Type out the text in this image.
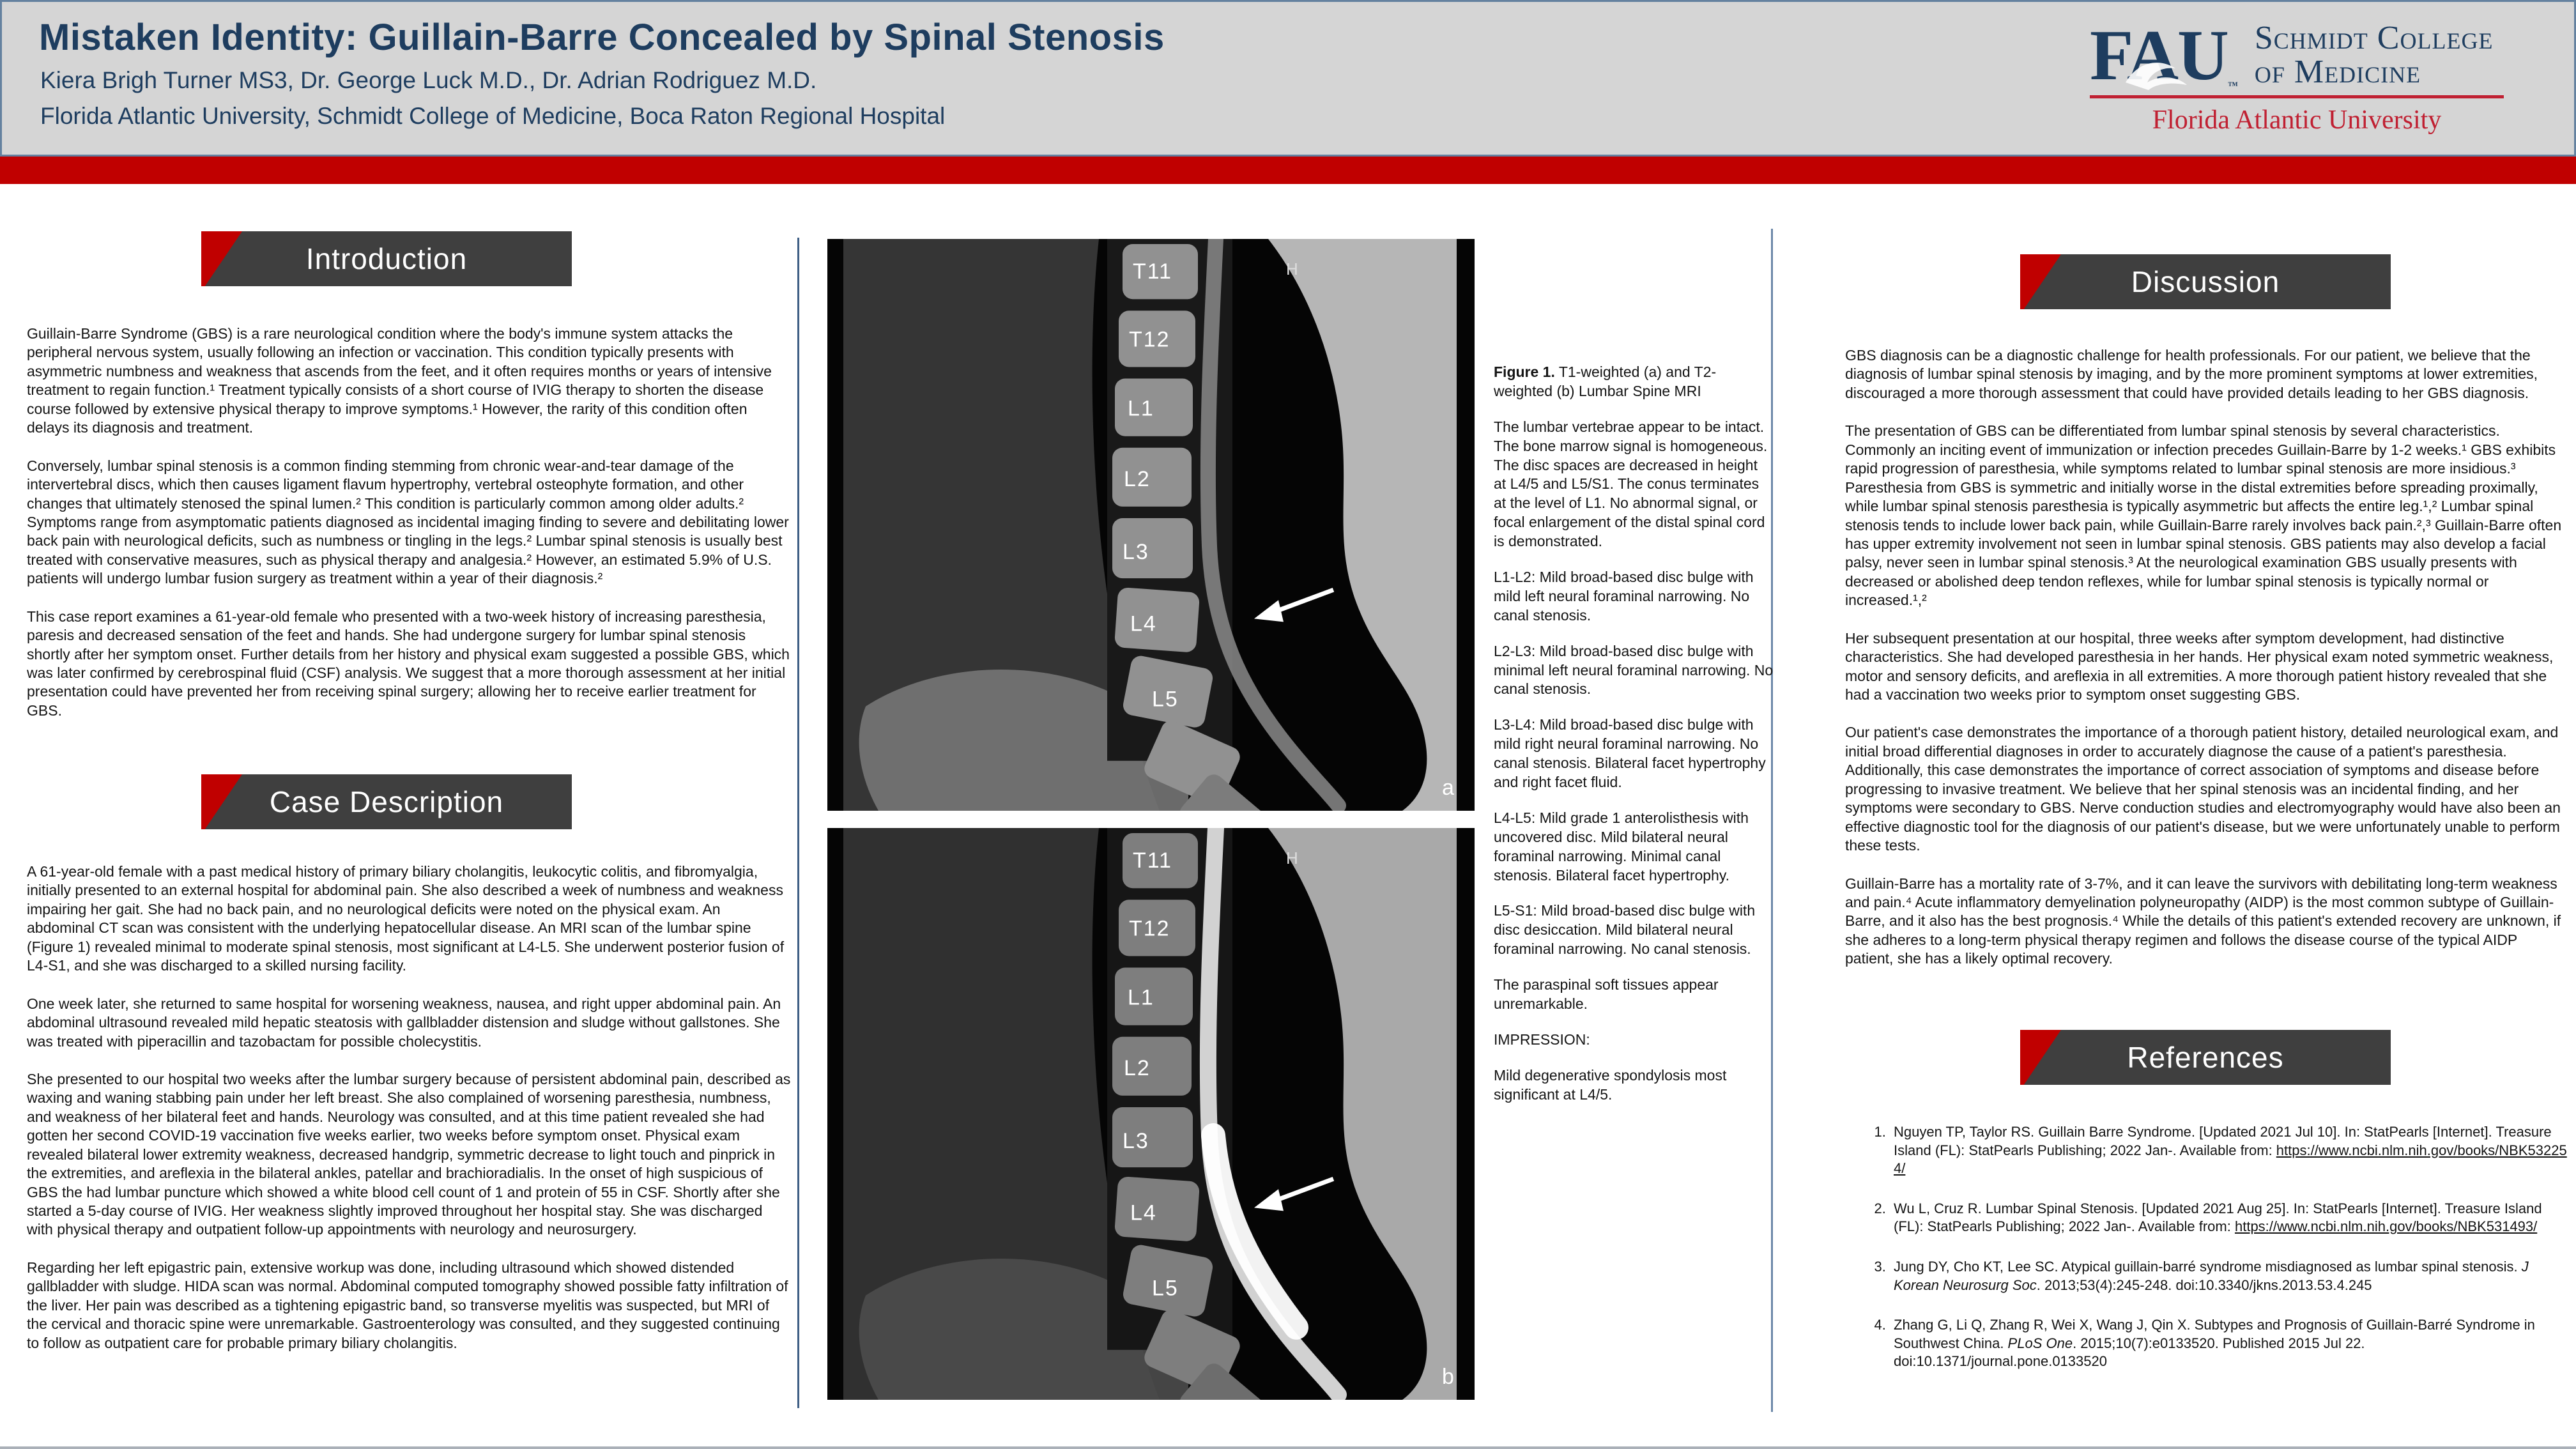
Mistaken Identity: Guillain-Barre Concealed by Spinal Stenosis
Kiera Brigh Turner MS3, Dr. George Luck M.D., Dr. Adrian Rodriguez M.D.
Florida Atlantic University, Schmidt College of Medicine, Boca Raton Regional Hospital
FAU™
Schmidt College
of Medicine
Florida Atlantic University
Introduction

Guillain-Barre Syndrome (GBS) is a rare neurological condition where the body's immune system attacks the peripheral nervous system, usually following an infection or vaccination. This condition typically presents with asymmetric numbness and weakness that ascends from the feet, and it often requires months or years of intensive treatment to regain function.¹ Treatment typically consists of a short course of IVIG therapy to shorten the disease course followed by extensive physical therapy to improve symptoms.¹ However, the rarity of this condition often delays its diagnosis and treatment.

Conversely, lumbar spinal stenosis is a common finding stemming from chronic wear-and-tear damage of the intervertebral discs, which then causes ligament flavum hypertrophy, vertebral osteophyte formation, and other changes that ultimately stenosed the spinal lumen.² This condition is particularly common among older adults.² Symptoms range from asymptomatic patients diagnosed as incidental imaging finding to severe and debilitating lower back pain with neurological deficits, such as numbness or tingling in the legs.² Lumbar spinal stenosis is usually best treated with conservative measures, such as physical therapy and analgesia.² However, an estimated 5.9% of U.S. patients will undergo lumbar fusion surgery as treatment within a year of their diagnosis.²

This case report examines a 61-year-old female who presented with a two-week history of increasing paresthesia, paresis and decreased sensation of the feet and hands. She had undergone surgery for lumbar spinal stenosis shortly after her symptom onset. Further details from her history and physical exam suggested a possible GBS, which was later confirmed by cerebrospinal fluid (CSF) analysis. We suggest that a more thorough assessment at her initial presentation could have prevented her from receiving spinal surgery; allowing her to receive earlier treatment for GBS.

Case Description

A 61-year-old female with a past medical history of primary biliary cholangitis, leukocytic colitis, and fibromyalgia, initially presented to an external hospital for abdominal pain. She also described a week of numbness and weakness impairing her gait. She had no back pain, and no neurological deficits were noted on the physical exam. An abdominal CT scan was consistent with the underlying hepatocellular disease. An MRI scan of the lumbar spine (Figure 1) revealed minimal to moderate spinal stenosis, most significant at L4-L5. She underwent posterior fusion of L4-S1, and she was discharged to a skilled nursing facility.

One week later, she returned to same hospital for worsening weakness, nausea, and right upper abdominal pain. An abdominal ultrasound revealed mild hepatic steatosis with gallbladder distension and sludge without gallstones. She was treated with piperacillin and tazobactam for possible cholecystitis.

She presented to our hospital two weeks after the lumbar surgery because of persistent abdominal pain, described as waxing and waning stabbing pain under her left breast. She also complained of worsening paresthesia, numbness, and weakness of her bilateral feet and hands. Neurology was consulted, and at this time patient revealed she had gotten her second COVID-19 vaccination five weeks earlier, two weeks before symptom onset. Physical exam revealed bilateral lower extremity weakness, decreased handgrip, symmetric decrease to light touch and pinprick in the extremities, and areflexia in the bilateral ankles, patellar and brachioradialis. In the onset of high suspicious of GBS the had lumbar puncture which showed a white blood cell count of 1 and protein of 55 in CSF. Shortly after she started a 5-day course of IVIG. Her weakness slightly improved throughout her hospital stay. She was discharged with physical therapy and outpatient follow-up appointments with neurology and neurosurgery.

Regarding her left epigastric pain, extensive workup was done, including ultrasound which showed distended gallbladder with sludge. HIDA scan was normal. Abdominal computed tomography showed possible fatty infiltration of the liver. Her pain was described as a tightening epigastric band, so transverse myelitis was suspected, but MRI of the cervical and thoracic spine were unremarkable. Gastroenterology was consulted, and they suggested continuing to follow as outpatient care for probable primary biliary cholangitis.

T11
T12
L1
L2
L3
L4
L5
H
a
T11
T12
L1
L2
L3
L4
L5
H
b

Figure 1. T1-weighted (a) and T2-weighted (b) Lumbar Spine MRI

The lumbar vertebrae appear to be intact. The bone marrow signal is homogeneous. The disc spaces are decreased in height at L4/5 and L5/S1. The conus terminates at the level of L1. No abnormal signal, or focal enlargement of the distal spinal cord is demonstrated.

L1-L2: Mild broad-based disc bulge with mild left neural foraminal narrowing. No canal stenosis.

L2-L3: Mild broad-based disc bulge with minimal left neural foraminal narrowing. No canal stenosis.

L3-L4: Mild broad-based disc bulge with mild right neural foraminal narrowing. No canal stenosis. Bilateral facet hypertrophy and right facet fluid.

L4-L5: Mild grade 1 anterolisthesis with uncovered disc. Mild bilateral neural foraminal narrowing. Minimal canal stenosis. Bilateral facet hypertrophy.

L5-S1: Mild broad-based disc bulge with disc desiccation. Mild bilateral neural foraminal narrowing. No canal stenosis.

The paraspinal soft tissues appear unremarkable.

IMPRESSION:

Mild degenerative spondylosis most significant at L4/5.

Discussion

GBS diagnosis can be a diagnostic challenge for health professionals. For our patient, we believe that the diagnosis of lumbar spinal stenosis by imaging, and by the more prominent symptoms at lower extremities, discouraged a more thorough assessment that could have provided details leading to her GBS diagnosis.

The presentation of GBS can be differentiated from lumbar spinal stenosis by several characteristics. Commonly an inciting event of immunization or infection precedes Guillain-Barre by 1-2 weeks.¹ GBS exhibits rapid progression of paresthesia, while symptoms related to lumbar spinal stenosis are more insidious.³ Paresthesia from GBS is symmetric and initially worse in the distal extremities before spreading proximally, while lumbar spinal stenosis paresthesia is typically asymmetric but affects the entire leg.¹,² Lumbar spinal stenosis tends to include lower back pain, while Guillain-Barre rarely involves back pain.²,³ Guillain-Barre often has upper extremity involvement not seen in lumbar spinal stenosis. GBS patients may also develop a facial palsy, never seen in lumbar spinal stenosis.³ At the neurological examination GBS usually presents with decreased or abolished deep tendon reflexes, while for lumbar spinal stenosis is typically normal or increased.¹,²

Her subsequent presentation at our hospital, three weeks after symptom development, had distinctive characteristics. She had developed paresthesia in her hands. Her physical exam noted symmetric weakness, motor and sensory deficits, and areflexia in all extremities. A more thorough patient history revealed that she had a vaccination two weeks prior to symptom onset suggesting GBS.

Our patient's case demonstrates the importance of a thorough patient history, detailed neurological exam, and initial broad differential diagnoses in order to accurately diagnose the cause of a patient's paresthesia. Additionally, this case demonstrates the importance of correct association of symptoms and disease before progressing to invasive treatment. We believe that her spinal stenosis was an incidental finding, and her symptoms were secondary to GBS. Nerve conduction studies and electromyography would have also been an effective diagnostic tool for the diagnosis of our patient's disease, but we were unfortunately unable to perform these tests.

Guillain-Barre has a mortality rate of 3-7%, and it can leave the survivors with debilitating long-term weakness and pain.⁴ Acute inflammatory demyelination polyneuropathy (AIDP) is the most common subtype of Guillain-Barre, and it also has the best prognosis.⁴ While the details of this patient's extended recovery are unknown, if she adheres to a long-term physical therapy regimen and follows the disease course of the typical AIDP patient, she has a likely optimal recovery.

References
1. Nguyen TP, Taylor RS. Guillain Barre Syndrome. [Updated 2021 Jul 10]. In: StatPearls [Internet]. Treasure Island (FL): StatPearls Publishing; 2022 Jan-. Available from: https://www.ncbi.nlm.nih.gov/books/NBK532254/
2. Wu L, Cruz R. Lumbar Spinal Stenosis. [Updated 2021 Aug 25]. In: StatPearls [Internet]. Treasure Island (FL): StatPearls Publishing; 2022 Jan-. Available from: https://www.ncbi.nlm.nih.gov/books/NBK531493/
3. Jung DY, Cho KT, Lee SC. Atypical guillain-barré syndrome misdiagnosed as lumbar spinal stenosis. J Korean Neurosurg Soc. 2013;53(4):245-248. doi:10.3340/jkns.2013.53.4.245
4. Zhang G, Li Q, Zhang R, Wei X, Wang J, Qin X. Subtypes and Prognosis of Guillain-Barré Syndrome in Southwest China. PLoS One. 2015;10(7):e0133520. Published 2015 Jul 22. doi:10.1371/journal.pone.0133520
